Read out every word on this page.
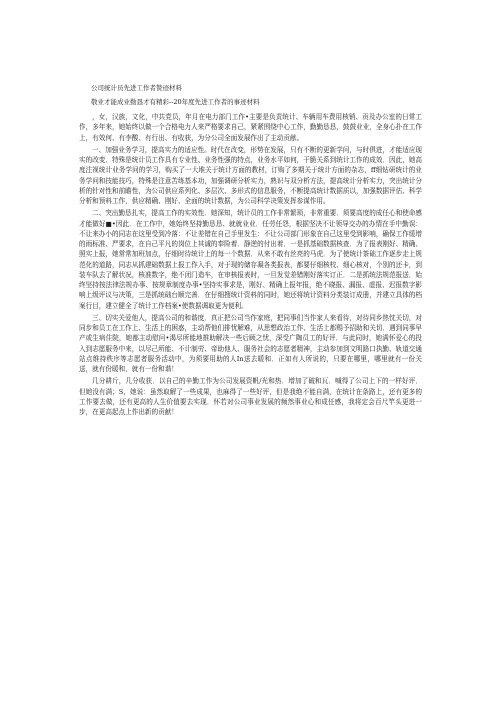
公司统计员先进工作者赞迹材料
敬业才能成业勤恳才有精彩--20年度先进工作者的事迹材料

，女，汉族，文化，中共党员，年月在电力部门工作•主要是负责统计、车辆用车费用核销、贡及办公室的日常工作，多年来，她始终以做一个合格电力人来严格要求自己，紧紧围绕中心工作，勤勤恳恳，鼓鼓业业，全身心扑在工作上，有效何、有李酸、有行出、有收获，为分公司全面发展作出了主动贡献。

一、加强业务学习，提高实力的适应性。时代在改变，形势在发展，只有不断的更新学问，与时俱进，才能适应现实的改变．特殊是统计员工作具有专业性、业务性强的特点，业务水平如何，干脆关系到统计工作的成效．因此，她高度注视统计业务学问的学习，购买了一大堆关于统计方面的教材，订购了多期关于统计方面的杂志，ff细钻研统计的业务学问和技能技巧，特殊是注意苦练基本功，加强调研分析实力，熟识与双分析方法，提高统计分析实力，突出统计分析的针对性和前瞻性，为公司供应系列化、多层次、多形式的信息服务，不断提高统计数据质以，加强数据评估、科学分析和预料工作，供应精确、刚好、全面的统计数据，为公司科学决策发挥参谋作用。

二、突出勤恳扎实，提高工作的实效性．她深知，统计员的工作非常繁琐，非常重要．须要高度的成任心和使命感才能做好■•因此．在工作中，她始终坚持勤恳恳、就就业业．任劳任怨，根据坚决不让领导交办的办情在手中勤误：不让来办小的同志在这里受到冷落：不让差错在自己手里发生：不让公司部门形象在自己这里受到影响，确保工作缓增的雨标准、严要求，在自己平凡的岗位上其诚的奉险着．静逆的付出着．一是抓基础数据核查．为了报表刚好、精确、照实上报，她常常加班加点，仔细时待统计上的每一个数据．从来不敢有丝亮的马虎．为了使统计茶础工作逐步走上规范化的道路，同志从抓建础数据上报工作入手，对于现的储存凝各类报表，都要仔细核校、细心核对，个别的还卡，到装车队去了解状况，核准数字，绝不闭门造车，在审核报表时，一旦发觉差错刚好落实订正．二是抓统法规范报送．始终坚持按法律法规办事、按规章制度办事•坚持实事求是，刚好、精确上报年报，绝不晓报、漏报、虚报、迟报数字影响上级评议与决策，三是抓统础台顺完善．在仔细搜统计资料的同时，她还将统计资料分类装订成册，并建立具体的档案行目，建立健全了统计工作档案•使数据调取更为便利。

三、切实关爱他人，提高公司的和谐度．真正把公司当作家庭，把同事们当作家人来看待，对待同乡热忱关切，对同步和员工在工作上、生活上的困惑，主动帮他们排忧解难，从思想政治工作、生活上都赐予招助和关切．遇到同事早产或生病住院，她都主动慰问•渴尽所能地推助解决一些后顾之忧，深受广陶员工的好评．与此同时，她满怀爱心的投入到志愿服务中来，以尽己所能、不计制劳、帝助他人、服务社会的志愿者精神，主动参加到文明路口执勤、轨道交通站点维持秩序等志愿者服务活动中，为须要用助的人In送去暖和．正如有人所说的，只要在哪里，哪里就有一份关送，就有份暖和，就有一份和谐！

几分耕斤，几分收获．以自己的辛勤工作为公司发展资帆/光和热．增加了破和瓦．喊得了公司上下的一样好评．但她没有满；S，她说：虽然取解了一些成果，也麻得了一些好评，但是我绝不能自满，在统计在条路上，还有更多的工作要去做，还有更高的人生价值要去实现．怀若对公司事业发展的频然事业心和成任感，我将定会百尺竿头更进一步，在更高起点上作出新的贡献！
